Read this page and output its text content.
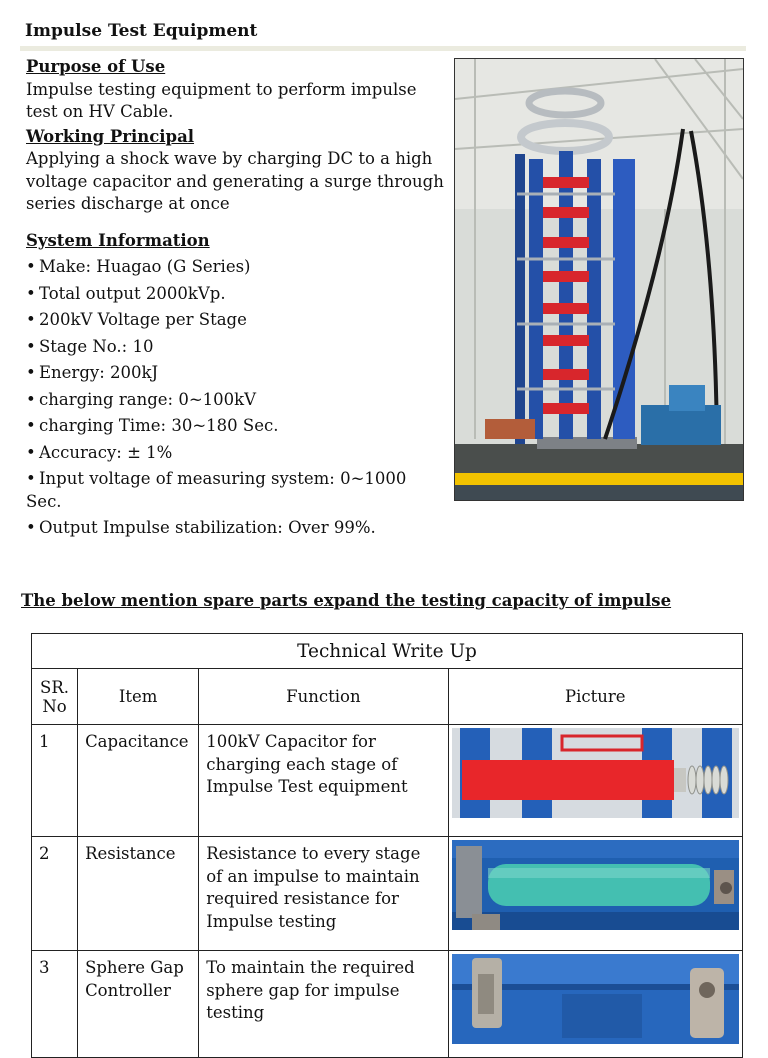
Impulse Test Equipment
Purpose of Use
Impulse testing equipment to perform impulse test on HV Cable.
Working Principal
Applying a shock wave by charging DC to a high voltage capacitor and generating a surge through series discharge at once
System Information
• Make: Huagao (G Series)
• Total output 2000kVp.
• 200kV Voltage per Stage
• Stage No.: 10
• Energy: 200kJ
• charging range: 0~100kV
• charging Time: 30~180 Sec.
• Accuracy: ± 1%
• Input voltage of measuring system: 0~1000 Sec.
• Output Impulse stabilization: Over 99%.
The below mention spare parts expand the testing capacity of impulse
Technical Write Up			
SR. No	Item	Function	Picture
1	Capacitance	100kV Capacitor for charging each stage of Impulse Test equipment	

2	Resistance	Resistance to every stage of an impulse to maintain required resistance for Impulse testing	

3	Sphere Gap Controller	To maintain the required sphere gap for impulse testing	
